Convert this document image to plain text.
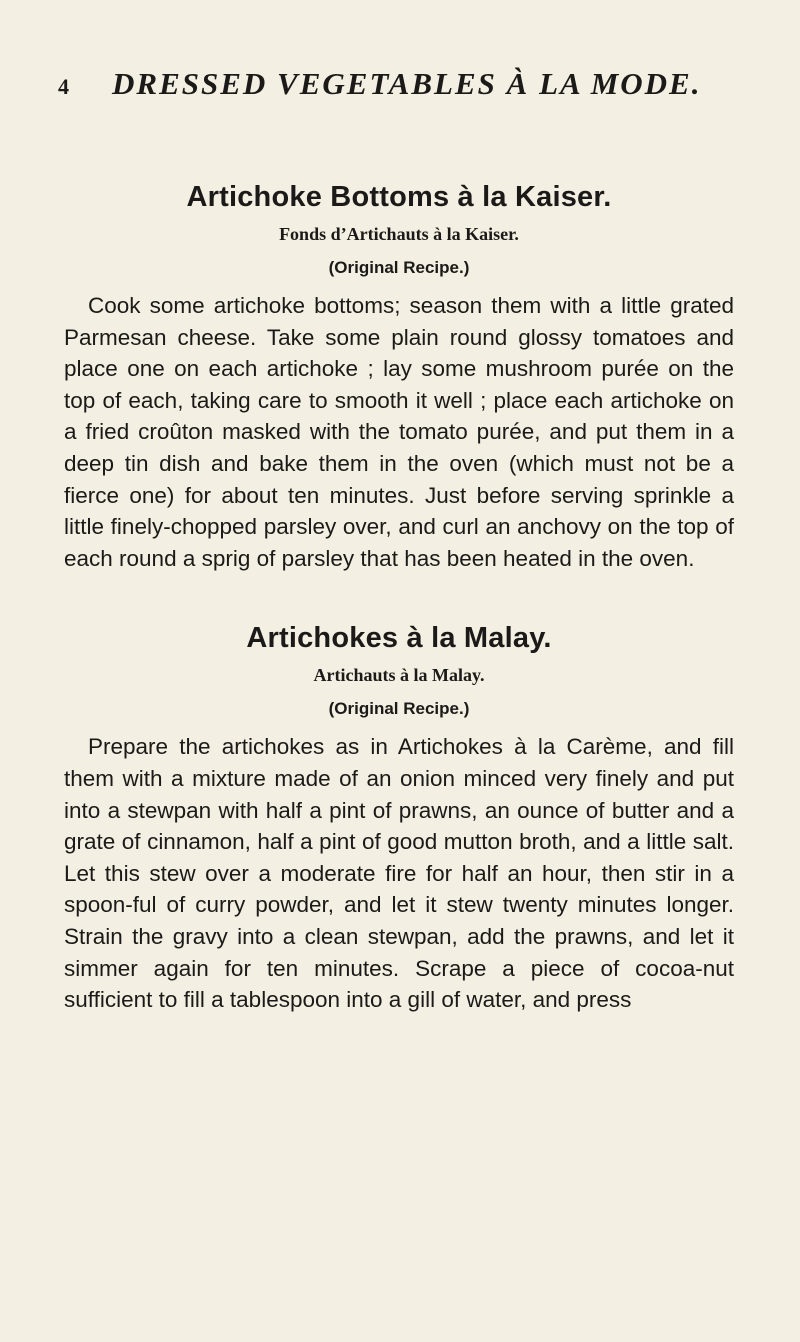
4	DRESSED VEGETABLES À LA MODE.
Artichoke Bottoms à la Kaiser.
Fonds d’Artichauts à la Kaiser.
(Original Recipe.)

Cook some artichoke bottoms; season them with a little grated Parmesan cheese. Take some plain round glossy tomatoes and place one on each artichoke ; lay some mushroom purée on the top of each, taking care to smooth it well ; place each artichoke on a fried croûton masked with the tomato purée, and put them in a deep tin dish and bake them in the oven (which must not be a fierce one) for about ten minutes. Just before serving sprinkle a little finely-chopped parsley over, and curl an anchovy on the top of each round a sprig of parsley that has been heated in the oven.

Artichokes à la Malay.
Artichauts à la Malay.
(Original Recipe.)

Prepare the artichokes as in Artichokes à la Carème, and fill them with a mixture made of an onion minced very finely and put into a stewpan with half a pint of prawns, an ounce of butter and a grate of cinnamon, half a pint of good mutton broth, and a little salt. Let this stew over a moderate fire for half an hour, then stir in a spoon-ful of curry powder, and let it stew twenty minutes longer. Strain the gravy into a clean stewpan, add the prawns, and let it simmer again for ten minutes. Scrape a piece of cocoa-nut sufficient to fill a tablespoon into a gill of water, and press
